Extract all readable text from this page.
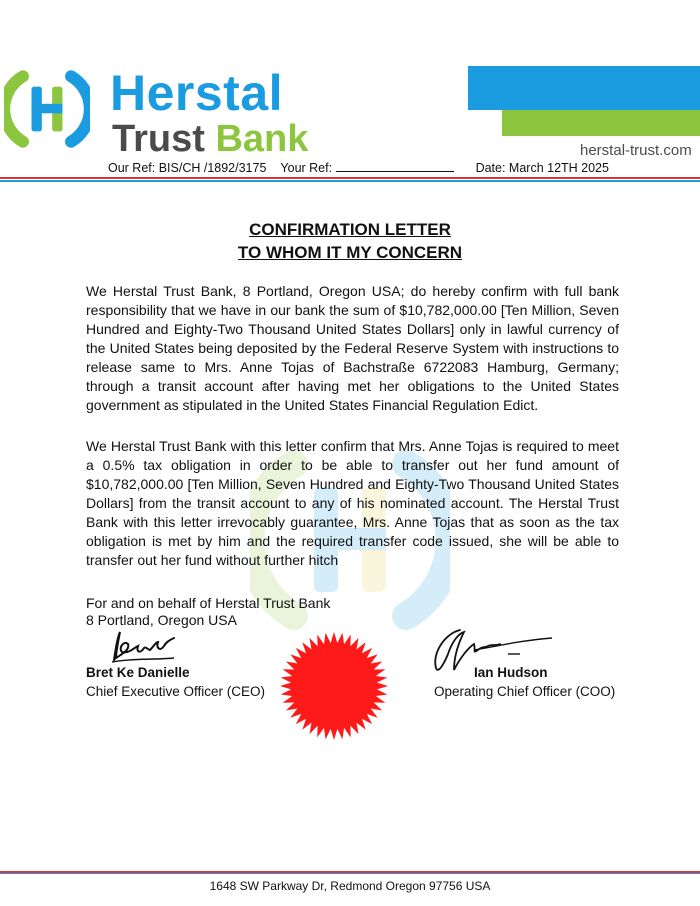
Herstal
Trust Bank	herstal-trust.com
Our Ref: BIS/CH /1892/3175 Your Ref:	Date: March 12TH 2025
CONFIRMATION LETTER
TO WHOM IT MY CONCERN
We Herstal Trust Bank, 8 Portland, Oregon USA; do hereby confirm with full bank responsibility that we have in our bank the sum of $10,782,000.00 [Ten Million, Seven Hundred and Eighty-Two Thousand United States Dollars] only in lawful currency of the United States being deposited by the Federal Reserve System with instructions to release same to Mrs. Anne Tojas of Bachstraße 6722083 Hamburg, Germany; through a transit account after having met her obligations to the United States government as stipulated in the United States Financial Regulation Edict.
We Herstal Trust Bank with this letter confirm that Mrs. Anne Tojas is required to meet a 0.5% tax obligation in order to be able to transfer out her fund amount of $10,782,000.00 [Ten Million, Seven Hundred and Eighty-Two Thousand United States Dollars] from the transit account to any of his nominated account. The Herstal Trust Bank with this letter irrevocably guarantee, Mrs. Anne Tojas that as soon as the tax obligation is met by him and the required transfer code issued, she will be able to transfer out her fund without further hitch
For and on behalf of Herstal Trust Bank
8 Portland, Oregon USA
Bret Ke Danielle
Chief Executive Officer (CEO)
Ian Hudson
Operating Chief Officer (COO)
1648 SW Parkway Dr, Redmond Oregon 97756 USA
